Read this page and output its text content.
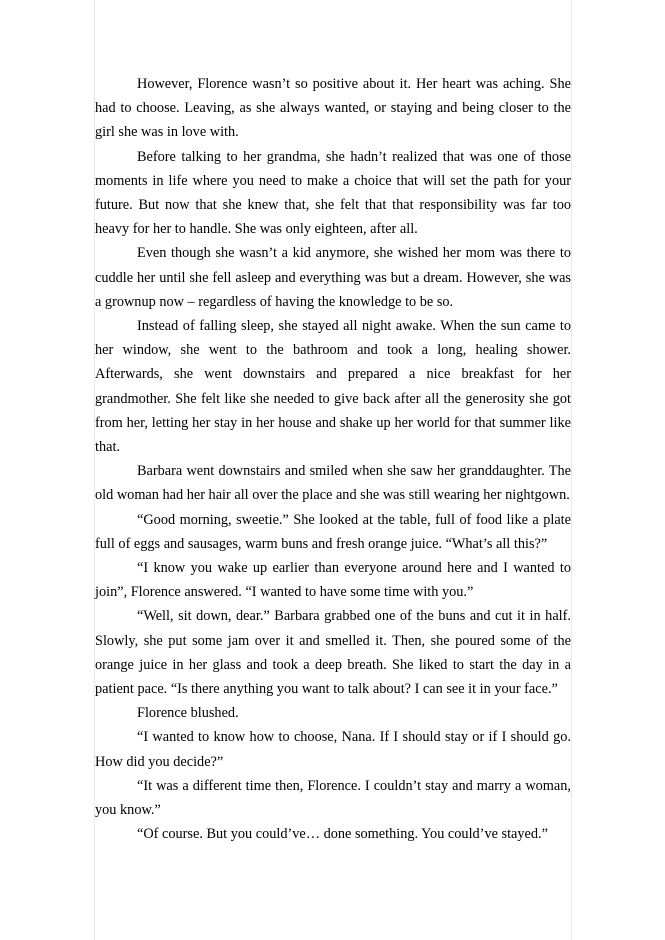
However, Florence wasn’t so positive about it. Her heart was aching. She had to choose. Leaving, as she always wanted, or staying and being closer to the girl she was in love with.

Before talking to her grandma, she hadn’t realized that was one of those moments in life where you need to make a choice that will set the path for your future. But now that she knew that, she felt that that responsibility was far too heavy for her to handle. She was only eighteen, after all.

Even though she wasn’t a kid anymore, she wished her mom was there to cuddle her until she fell asleep and everything was but a dream. However, she was a grownup now – regardless of having the knowledge to be so.

Instead of falling sleep, she stayed all night awake. When the sun came to her window, she went to the bathroom and took a long, healing shower. Afterwards, she went downstairs and prepared a nice breakfast for her grandmother. She felt like she needed to give back after all the generosity she got from her, letting her stay in her house and shake up her world for that summer like that.

Barbara went downstairs and smiled when she saw her granddaughter. The old woman had her hair all over the place and she was still wearing her nightgown.

“Good morning, sweetie.” She looked at the table, full of food like a plate full of eggs and sausages, warm buns and fresh orange juice. “What’s all this?”

“I know you wake up earlier than everyone around here and I wanted to join”, Florence answered. “I wanted to have some time with you.”

“Well, sit down, dear.” Barbara grabbed one of the buns and cut it in half. Slowly, she put some jam over it and smelled it. Then, she poured some of the orange juice in her glass and took a deep breath. She liked to start the day in a patient pace. “Is there anything you want to talk about? I can see it in your face.”

Florence blushed.

“I wanted to know how to choose, Nana. If I should stay or if I should go. How did you decide?”

“It was a different time then, Florence. I couldn’t stay and marry a woman, you know.”

“Of course. But you could’ve… done something. You could’ve stayed.”
